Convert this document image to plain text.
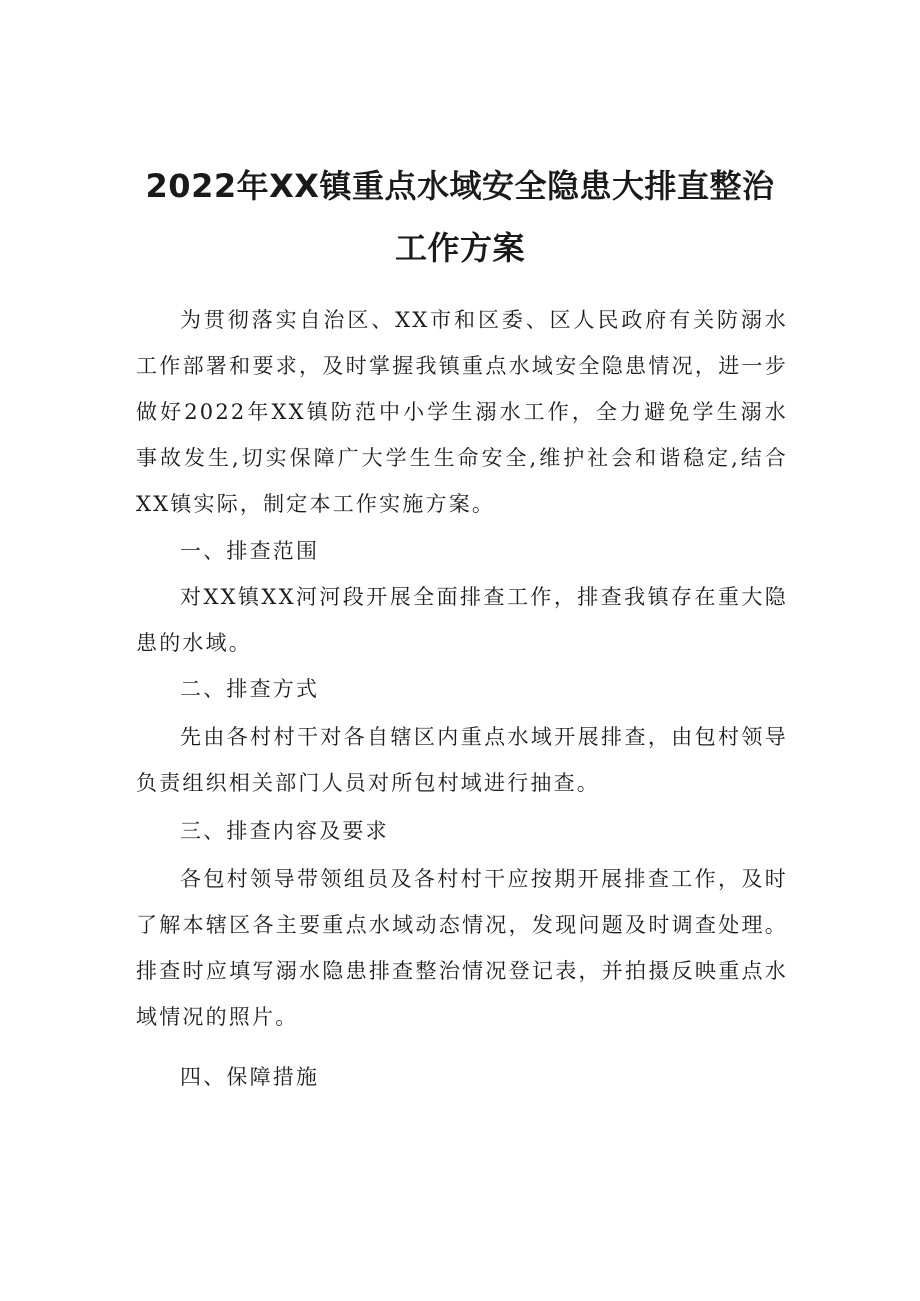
2022年XX镇重点水域安全隐患大排直整治
工作方案

为贯彻落实自治区、XX市和区委、区人民政府有关防溺水工作部署和要求，及时掌握我镇重点水域安全隐患情况，进一步做好2022年XX镇防范中小学生溺水工作，全力避免学生溺水事故发生,切实保障广大学生生命安全,维护社会和谐稳定,结合XX镇实际，制定本工作实施方案。

一、排查范围

对XX镇XX河河段开展全面排查工作，排查我镇存在重大隐患的水域。

二、排查方式

先由各村村干对各自辖区内重点水域开展排查，由包村领导负责组织相关部门人员对所包村域进行抽查。

三、排查内容及要求

各包村领导带领组员及各村村干应按期开展排查工作，及时了解本辖区各主要重点水域动态情况，发现问题及时调查处理。排查时应填写溺水隐患排查整治情况登记表，并拍摄反映重点水域情况的照片。

四、保障措施
